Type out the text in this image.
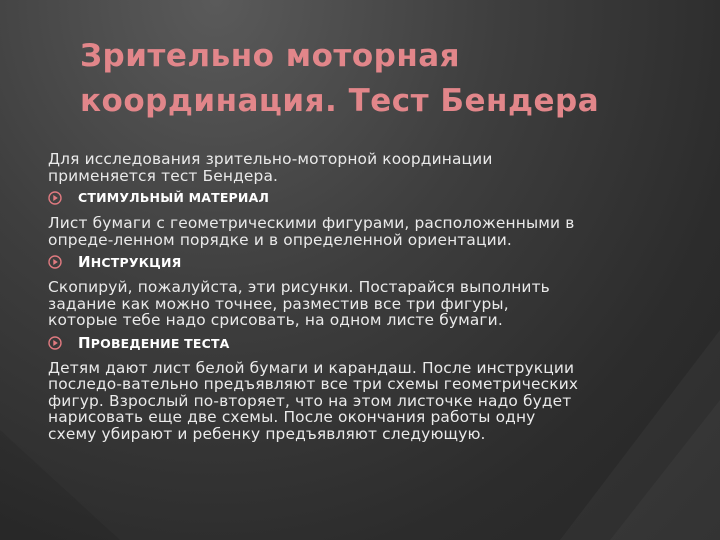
Зрительно моторная
координация. Тест Бендера

Для исследования зрительно-моторной координации
применяется тест Бендера.

СТИМУЛЬНЫЙ МАТЕРИАЛ

Лист бумаги с геометрическими фигурами, расположенными в
опреде-ленном порядке и в определенной ориентации.

ИНСТРУКЦИЯ

Скопируй, пожалуйста, эти рисунки. Постарайся выполнить
задание как можно точнее, разместив все три фигуры,
которые тебе надо срисовать, на одном листе бумаги.

ПРОВЕДЕНИЕ ТЕСТА

Детям дают лист белой бумаги и карандаш. После инструкции
последо-вательно предъявляют все три схемы геометрических
фигур. Взрослый по-вторяет, что на этом листочке надо будет
нарисовать еще две схемы. После окончания работы одну
схему убирают и ребенку предъявляют следующую.
